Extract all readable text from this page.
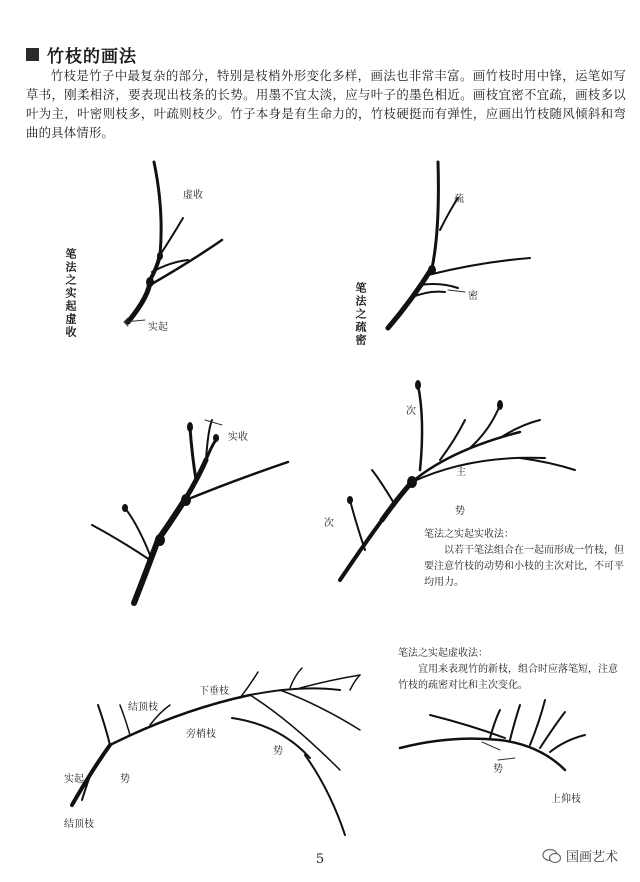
竹枝的画法
竹枝是竹子中最复杂的部分，特别是枝梢外形变化多样，画法也非常丰富。画竹枝时用中锋，运笔如写草书，刚柔相济，要表现出枝条的长势。用墨不宜太淡，应与叶子的墨色相近。画枝宜密不宜疏，画枝多以叶为主，叶密则枝多，叶疏则枝少。竹子本身是有生命力的，竹枝硬挺而有弹性，应画出竹枝随风倾斜和弯曲的具体情形。
笔法之实起虚收
虚收
实起	笔法之疏密
疏
密
实收
次
主
势
次
笔法之实起实收法：
以若干笔法组合在一起而形成一竹枝，但要注意竹枝的动势和小枝的主次对比，不可平均用力。
结顶枝
下垂枝
旁梢枝
势
实起	势
结顶枝
笔法之实起虚收法：
宜用来表现竹的新枝，组合时应落笔短，注意竹枝的疏密对比和主次变化。
势
上仰枝
5	国画艺术
